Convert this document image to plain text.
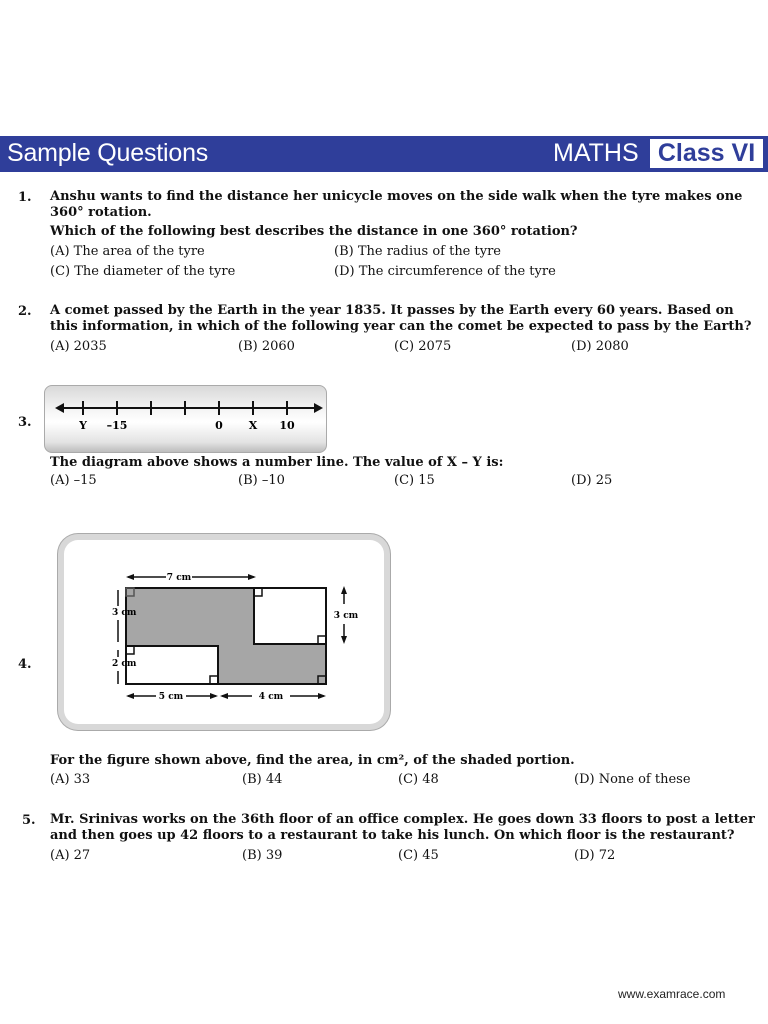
Sample Questions	MATHS Class VI
1. Anshu wants to find the distance her unicycle moves on the side walk when the tyre makes one
360° rotation.
Which of the following best describes the distance in one 360° rotation?
(A) The area of the tyre	(B) The radius of the tyre
(C) The diameter of the tyre	(D) The circumference of the tyre
2. A comet passed by the Earth in the year 1835. It passes by the Earth every 60 years. Based on
this information, in which of the following year can the comet be expected to pass by the Earth?
(A) 2035	(B) 2060	(C) 2075	(D) 2080
3.	Y –15	0 X 10
The diagram above shows a number line. The value of X – Y is:
(A) –15	(B) –10	(C) 15	(D) 25
4.
7 cm
3 cm
2 cm
3 cm
5 cm	4 cm
For the figure shown above, find the area, in cm², of the shaded portion.
(A) 33	(B) 44	(C) 48	(D) None of these
5. Mr. Srinivas works on the 36th floor of an office complex. He goes down 33 floors to post a letter
and then goes up 42 floors to a restaurant to take his lunch. On which floor is the restaurant?
(A) 27	(B) 39	(C) 45	(D) 72
www.examrace.com
